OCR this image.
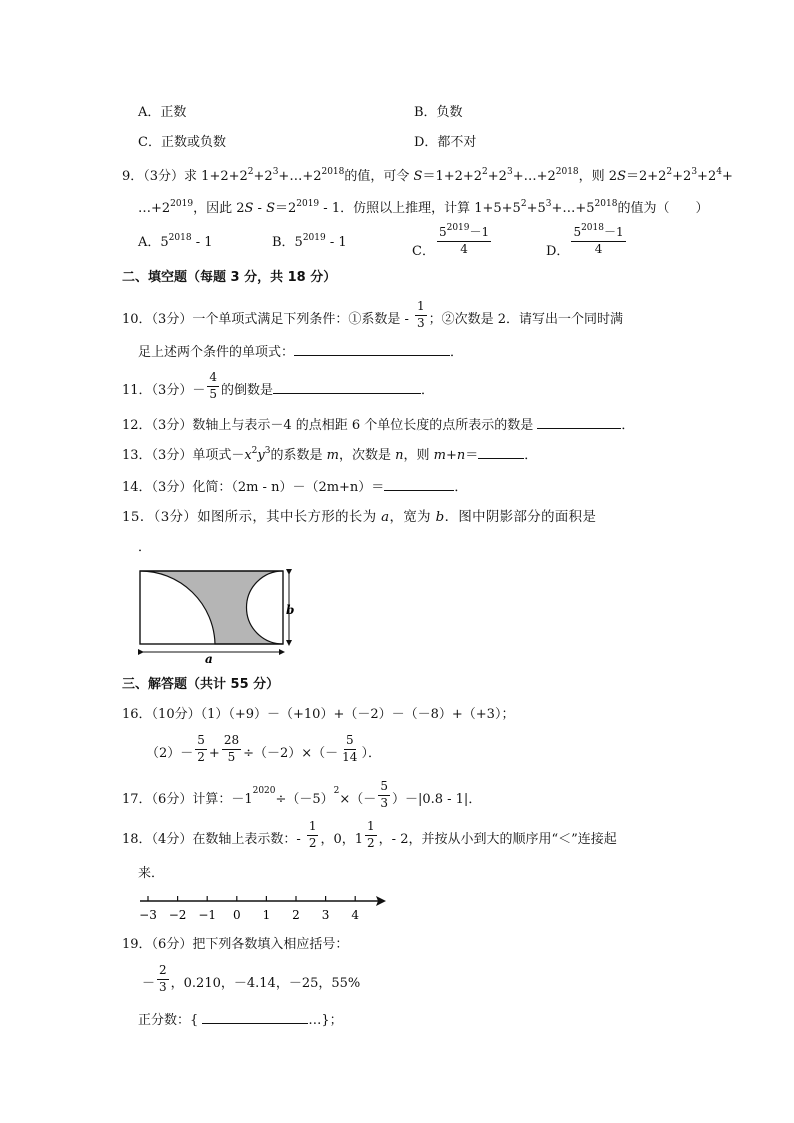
A．正数	B．负数
C．正数或负数	D．都不对
9．（3分）求 $1+2+2^2+2^3+\dots+2^{2018}$的值，可令 $S=1+2+2^2+2^3+\dots+2^{2018}$，则 $2S=2+2^2+2^3+2^4+$
$\dots+2^{2019}$，因此 $2S - S=2^{2019} - 1$．仿照以上推理，计算 $1+5+5^2+5^3+\dots+5^{2018}$的值为（　　）
A．$5^{2018} - 1$	B．$5^{2019} - 1$
C． $\frac{5^{2019}-1}{4}$	D． $\frac{5^{2018}-1}{4}$
二、填空题（每题 3 分，共 18 分）
10．（3分）一个单项式满足下列条件：①系数是 - $\frac{1}{3}$ ；②次数是 2．请写出一个同时满
足上述两个条件的单项式：	．
11．（3分）－ $\frac{4}{5}$ 的倒数是	．
12．（3分）数轴上与表示－4 的点相距 6 个单位长度的点所表示的数是	．
13．（3分）单项式$-x^2y^3$的系数是 m，次数是 n，则 m+n＝	．
14．（3分）化简：（2m - n）－（2m+n）＝	．
15．（3分）如图所示，其中长方形的长为 a，宽为 b．图中阴影部分的面积是
．
b
a
三、解答题（共计 55 分）
16．（10分）（1）（+9）－（+10）+（－2）－（－8）+（+3）；
$(2)- \frac{5}{2} + \frac{28}{5} \div(-2)\times(- \frac{5}{14}$ ）．
17．（6分）计算：$-1^{2020}\div(-5)^2\times(- \frac{5}{3} )-|0.8 - 1|$．
18．（4分）在数轴上表示数：- $\frac{1}{2}$ ，0，$1 \frac{1}{2}$ ，- 2，并按从小到大的顺序用“＜”连接起
来．
−3 −2 −1 0 1 2 3 4
19．（6分）把下列各数填入相应括号：
－ $\frac{2}{3}$ ，0.210，－4.14，－25，55%
正分数：{	…}；
